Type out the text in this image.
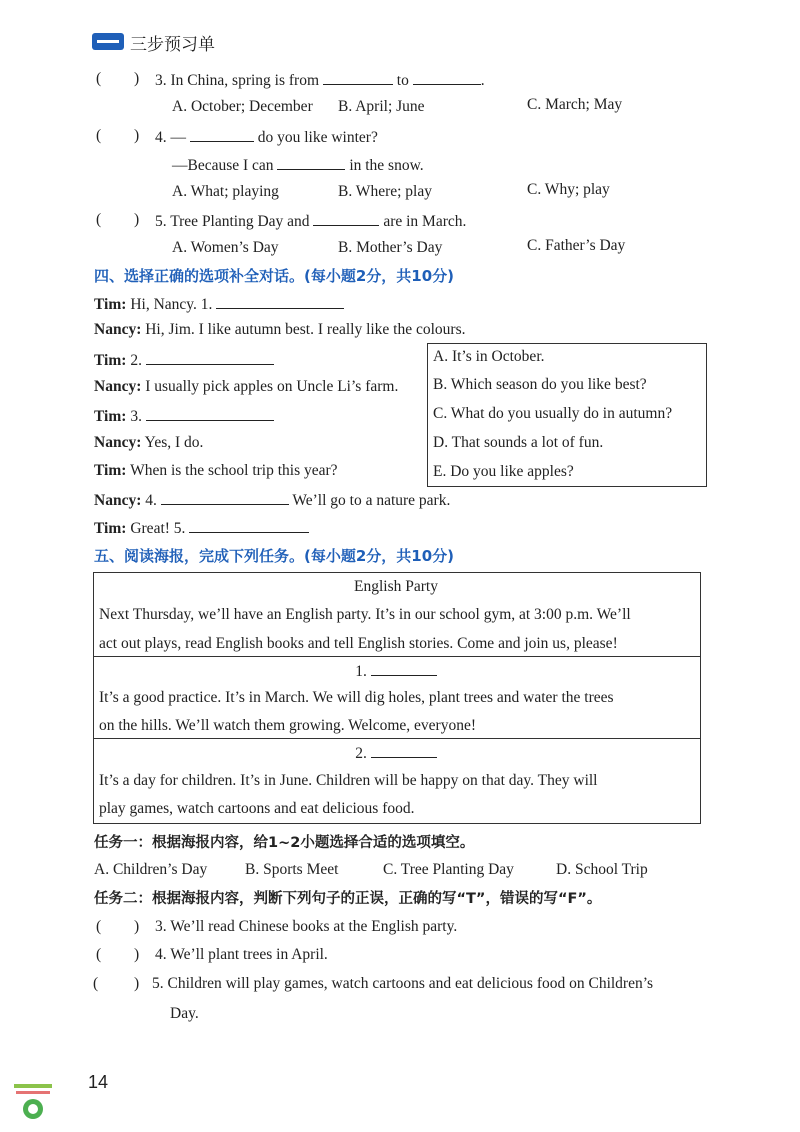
三步预习单
( ) 3. In China, spring is from	to	.
A. October; December B. April; June	C. March; May
( ) 4. —	do you like winter?
—Because I can	in the snow.
A. What; playing	B. Where; play	C. Why; play
( ) 5. Tree Planting Day and	are in March.
A. Women’s Day	B. Mother’s Day	C. Father’s Day
四、选择正确的选项补全对话。(每小题2分，共10分)
Tim: Hi, Nancy. 1.
Nancy: Hi, Jim. I like autumn best. I really like the colours.
Tim: 2.
Nancy: I usually pick apples on Uncle Li’s farm.
Tim: 3.
Nancy: Yes, I do.
Tim: When is the school trip this year?
Nancy: 4.	We’ll go to a nature park.
Tim: Great! 5.
A. It’s in October.
B. Which season do you like best?
C. What do you usually do in autumn?
D. That sounds a lot of fun.
E. Do you like apples?
五、阅读海报，完成下列任务。(每小题2分，共10分)
English Party
Next Thursday, we’ll have an English party. It’s in our school gym, at 3:00 p.m. We’ll
act out plays, read English books and tell English stories. Come and join us, please!
1.
It’s a good practice. It’s in March. We will dig holes, plant trees and water the trees
on the hills. We’ll watch them growing. Welcome, everyone!
2.
It’s a day for children. It’s in June. Children will be happy on that day. They will
play games, watch cartoons and eat delicious food.
任务一：根据海报内容，给1~2小题选择合适的选项填空。
A. Children’s Day B. Sports Meet	C. Tree Planting Day	D. School Trip
任务二：根据海报内容，判断下列句子的正误，正确的写“T”，错误的写“F”。
( ) 3. We’ll read Chinese books at the English party.
( ) 4. We’ll plant trees in April.
( ) 5. Children will play games, watch cartoons and eat delicious food on Children’s
Day.
14
